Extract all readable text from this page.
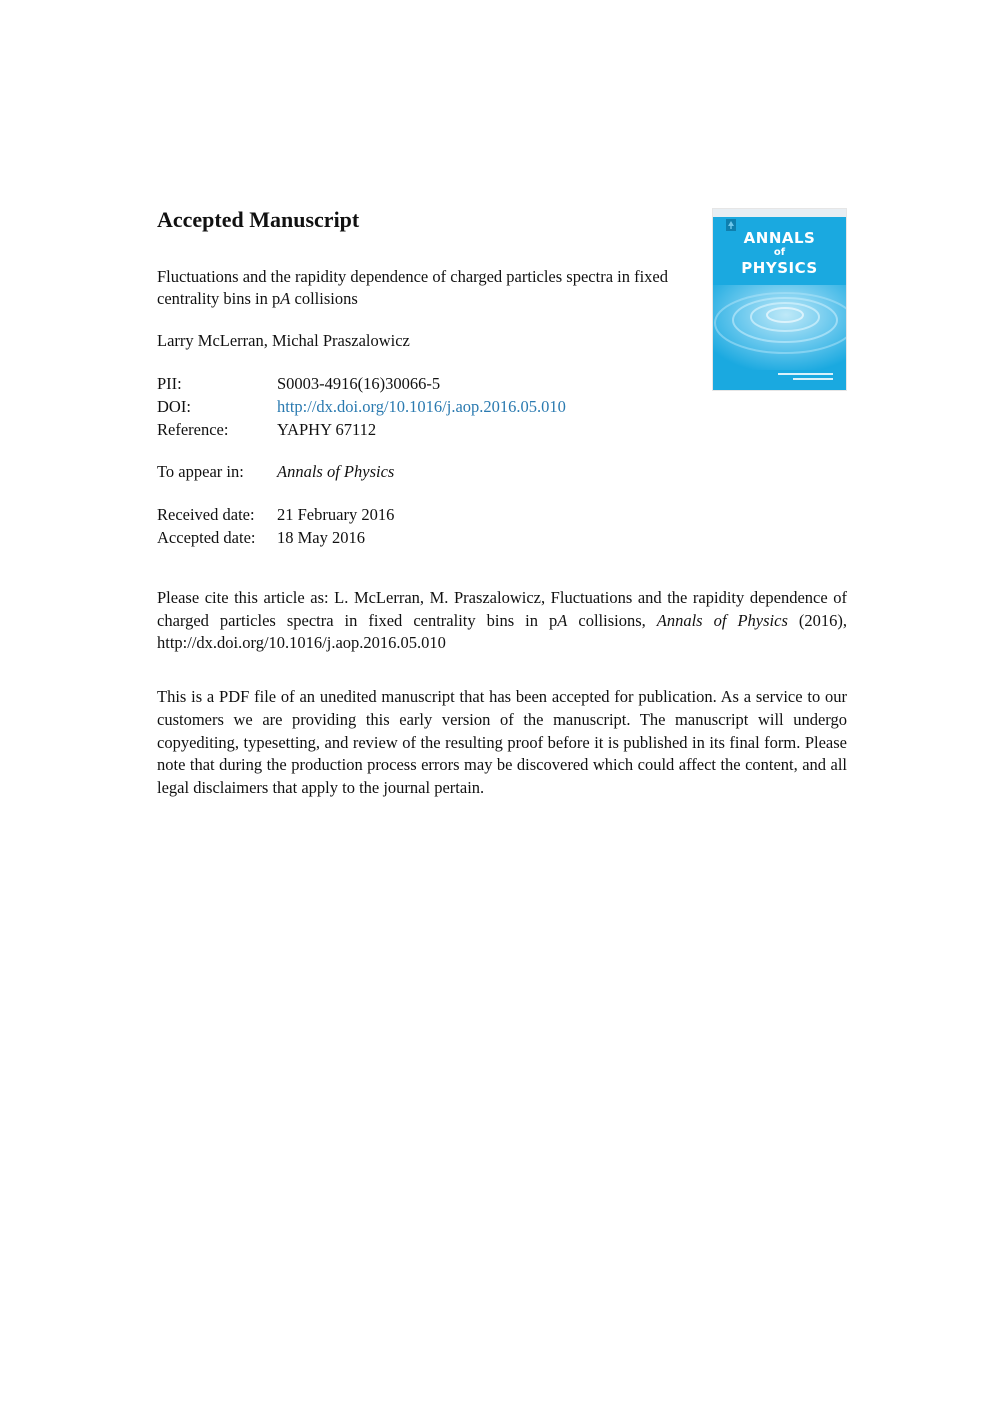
Accepted Manuscript

Fluctuations and the rapidity dependence of charged particles spectra in fixed centrality bins in pA collisions

Larry McLerran, Michal Praszalowicz

PII:	S0003-4916(16)30066-5
DOI:	http://dx.doi.org/10.1016/j.aop.2016.05.010
Reference:	YAPHY 67112
To appear in:	Annals of Physics
Received date:	21 February 2016
Accepted date:	18 May 2016

Please cite this article as: L. McLerran, M. Praszalowicz, Fluctuations and the rapidity dependence of charged particles spectra in fixed centrality bins in pA collisions, Annals of Physics (2016), http://dx.doi.org/10.1016/j.aop.2016.05.010

This is a PDF file of an unedited manuscript that has been accepted for publication. As a service to our customers we are providing this early version of the manuscript. The manuscript will undergo copyediting, typesetting, and review of the resulting proof before it is published in its final form. Please note that during the production process errors may be discovered which could affect the content, and all legal disclaimers that apply to the journal pertain.

ANNALS
of
PHYSICS
